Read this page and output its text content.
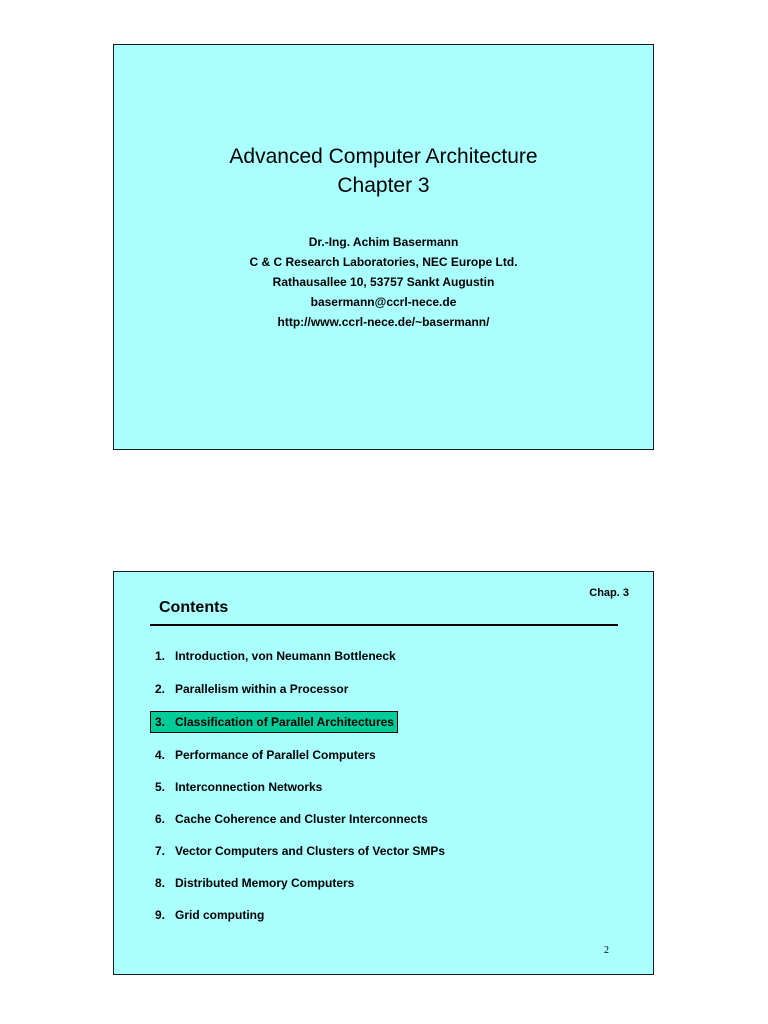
Advanced Computer Architecture
Chapter 3
Dr.-Ing. Achim Basermann
C & C Research Laboratories, NEC Europe Ltd.
Rathausallee 10, 53757 Sankt Augustin
basermann@ccrl-nece.de
http://www.ccrl-nece.de/~basermann/
Chap. 3
Contents
1. Introduction, von Neumann Bottleneck
2. Parallelism within a Processor
3. Classification of Parallel Architectures
4. Performance of Parallel Computers
5. Interconnection Networks
6. Cache Coherence and Cluster Interconnects
7. Vector Computers and Clusters of Vector SMPs
8. Distributed Memory Computers
9. Grid computing
2
